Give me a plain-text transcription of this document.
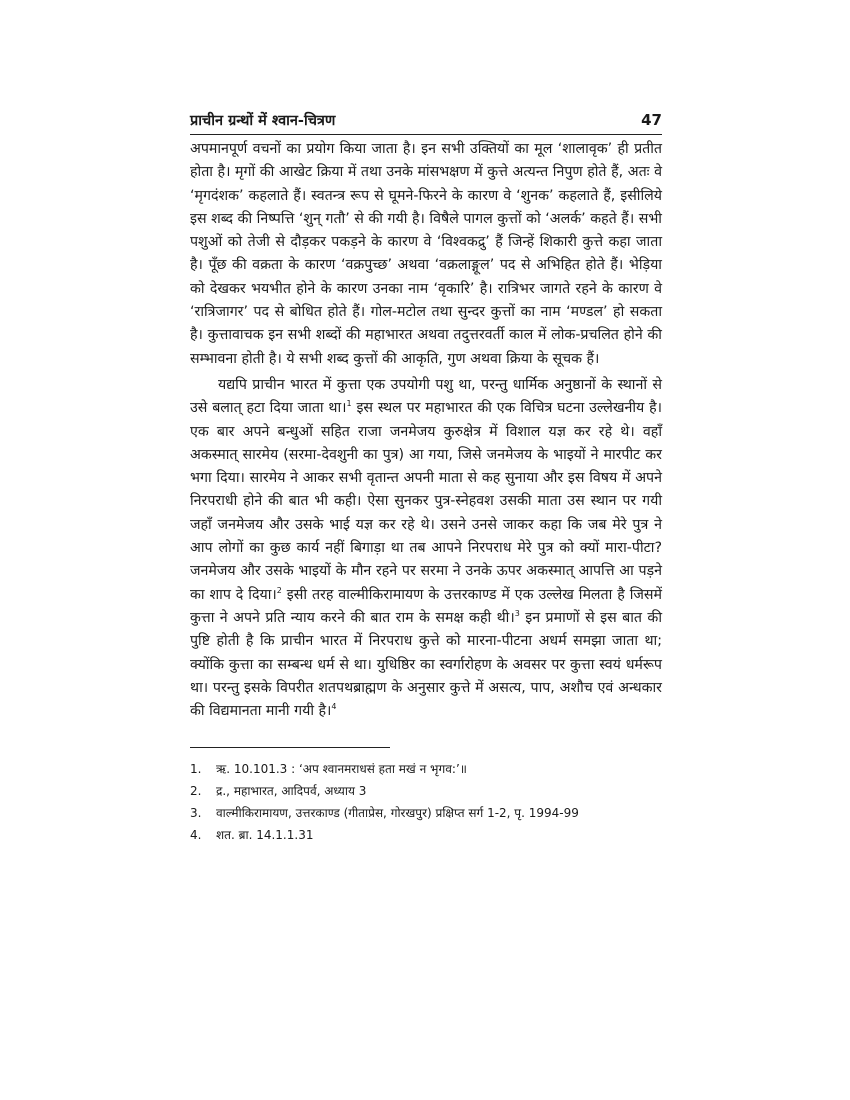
प्राचीन ग्रन्थों में श्वान-चित्रण	47

अपमानपूर्ण वचनों का प्रयोग किया जाता है। इन सभी उक्तियों का मूल ‘शालावृक’ ही प्रतीत होता है। मृगों की आखेट क्रिया में तथा उनके मांसभक्षण में कुत्ते अत्यन्त निपुण होते हैं, अतः वे ‘मृगदंशक’ कहलाते हैं। स्वतन्त्र रूप से घूमने-फिरने के कारण वे ‘शुनक’ कहलाते हैं, इसीलिये इस शब्द की निष्पत्ति ‘शुन् गतौ’ से की गयी है। विषैले पागल कुत्तों को ‘अलर्क’ कहते हैं। सभी पशुओं को तेजी से दौड़कर पकड़ने के कारण वे ‘विश्वकद्रु’ हैं जिन्हें शिकारी कुत्ते कहा जाता है। पूँछ की वक्रता के कारण ‘वक्रपुच्छ’ अथवा ‘वक्रलाङ्गूल’ पद से अभिहित होते हैं। भेड़िया को देखकर भयभीत होने के कारण उनका नाम ‘वृकारि’ है। रात्रिभर जागते रहने के कारण वे ‘रात्रिजागर’ पद से बोधित होते हैं। गोल-मटोल तथा सुन्दर कुत्तों का नाम ‘मण्डल’ हो सकता है। कुत्तावाचक इन सभी शब्दों की महाभारत अथवा तदुत्तरवर्ती काल में लोक-प्रचलित होने की सम्भावना होती है। ये सभी शब्द कुत्तों की आकृति, गुण अथवा क्रिया के सूचक हैं।

यद्यपि प्राचीन भारत में कुत्ता एक उपयोगी पशु था, परन्तु धार्मिक अनुष्ठानों के स्थानों से उसे बलात् हटा दिया जाता था।$^1$ इस स्थल पर महाभारत की एक विचित्र घटना उल्लेखनीय है। एक बार अपने बन्धुओं सहित राजा जनमेजय कुरुक्षेत्र में विशाल यज्ञ कर रहे थे। वहाँ अकस्मात् सारमेय (सरमा-देवशुनी का पुत्र) आ गया, जिसे जनमेजय के भाइयों ने मारपीट कर भगा दिया। सारमेय ने आकर सभी वृतान्त अपनी माता से कह सुनाया और इस विषय में अपने निरपराधी होने की बात भी कही। ऐसा सुनकर पुत्र-स्नेहवश उसकी माता उस स्थान पर गयी जहाँ जनमेजय और उसके भाई यज्ञ कर रहे थे। उसने उनसे जाकर कहा कि जब मेरे पुत्र ने आप लोगों का कुछ कार्य नहीं बिगाड़ा था तब आपने निरपराध मेरे पुत्र को क्यों मारा-पीटा? जनमेजय और उसके भाइयों के मौन रहने पर सरमा ने उनके ऊपर अकस्मात् आपत्ति आ पड़ने का शाप दे दिया।$^2$ इसी तरह वाल्मीकिरामायण के उत्तरकाण्ड में एक उल्लेख मिलता है जिसमें कुत्ता ने अपने प्रति न्याय करने की बात राम के समक्ष कही थी।$^3$ इन प्रमाणों से इस बात की पुष्टि होती है कि प्राचीन भारत में निरपराध कुत्ते को मारना-पीटना अधर्म समझा जाता था; क्योंकि कुत्ता का सम्बन्ध धर्म से था। युधिष्ठिर का स्वर्गारोहण के अवसर पर कुत्ता स्वयं धर्मरूप था। परन्तु इसके विपरीत शतपथब्राह्मण के अनुसार कुत्ते में असत्य, पाप, अशौच एवं अन्धकार की विद्यमानता मानी गयी है।$^4$

1.	ऋ. 10.101.3 : ‘अप श्वानमराधसं हता मखं न भृगव:’॥
2.	द्र., महाभारत, आदिपर्व, अध्याय 3
3.	वाल्मीकिरामायण, उत्तरकाण्ड (गीताप्रेस, गोरखपुर) प्रक्षिप्त सर्ग 1-2, पृ. 1994-99
4.	शत. ब्रा. 14.1.1.31
